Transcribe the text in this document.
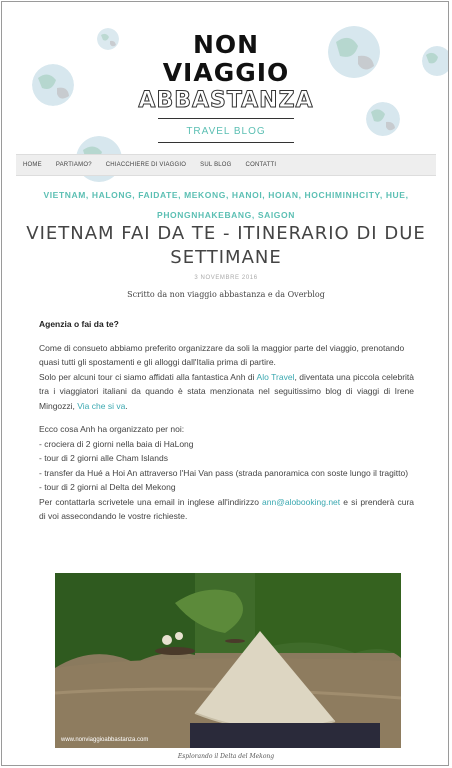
NON
VIAGGIO
ABBASTANZA
TRAVEL BLOG
HOME	PARTIAMO?	CHIACCHIERE DI VIAGGIO	SUL BLOG	CONTATTI
VIETNAM, HALONG, FAIDATE, MEKONG, HANOI, HOIAN, HOCHIMINHCITY, HUE, PHONGNHAKEBANG, SAIGON
VIETNAM FAI DA TE - ITINERARIO DI DUE SETTIMANE
3 NOVEMBRE 2016
Scritto da non viaggio abbastanza e da Overblog

Agenzia o fai da te?

Come di consueto abbiamo preferito organizzare da soli la maggior parte del viaggio, prenotando quasi tutti gli spostamenti e gli alloggi dall'Italia prima di partire.

Solo per alcuni tour ci siamo affidati alla fantastica Anh di Alo Travel, diventata una piccola celebrità tra i viaggiatori italiani da quando è stata menzionata nel seguitissimo blog di viaggi di Irene Mingozzi, Via che si va.

Ecco cosa Anh ha organizzato per noi:

- crociera di 2 giorni nella baia di HaLong

- tour di 2 giorni alle Cham Islands

- transfer da Hué a Hoi An attraverso l'Hai Van pass (strada panoramica con soste lungo il tragitto)

- tour di 2 giorni al Delta del Mekong

Per contattarla scrivetele una email in inglese all'indirizzo ann@alobooking.net e si prenderà cura di voi assecondando le vostre richieste.

www.nonviaggioabbastanza.com
Esplorando il Delta del Mekong
